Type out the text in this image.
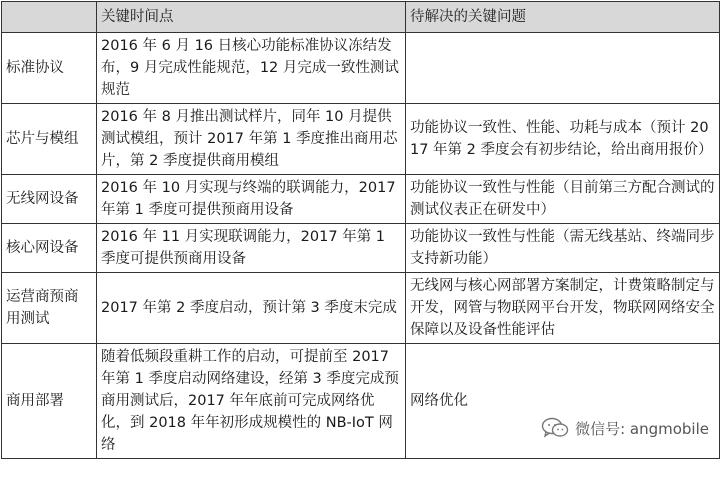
	关键时间点	待解决的关键问题
标准协议	2016 年 6 月 16 日核心功能标准协议冻结发布，9 月完成性能规范，12 月完成一致性测试规范	
芯片与模组	2016 年 8 月推出测试样片，同年 10 月提供测试模组，预计 2017 年第 1 季度推出商用芯片，第 2 季度提供商用模组	功能协议一致性、性能、功耗与成本（预计 2017 年第 2 季度会有初步结论，给出商用报价）
无线网设备	2016 年 10 月实现与终端的联调能力，2017 年第 1 季度可提供预商用设备	功能协议一致性与性能（目前第三方配合测试的测试仪表正在研发中）
核心网设备	2016 年 11 月实现联调能力，2017 年第 1 季度可提供预商用设备	功能协议一致性与性能（需无线基站、终端同步支持新功能）
运营商预商用测试	2017 年第 2 季度启动，预计第 3 季度末完成	无线网与核心网部署方案制定，计费策略制定与开发，网管与物联网平台开发，物联网网络安全保障以及设备性能评估
商用部署	随着低频段重耕工作的启动，可提前至 2017 年第 1 季度启动网络建设，经第 3 季度完成预商用测试后，2017 年年底前可完成网络优化，到 2018 年年初形成规模性的 NB-IoT 网络	网络优化
微信号: angmobile
